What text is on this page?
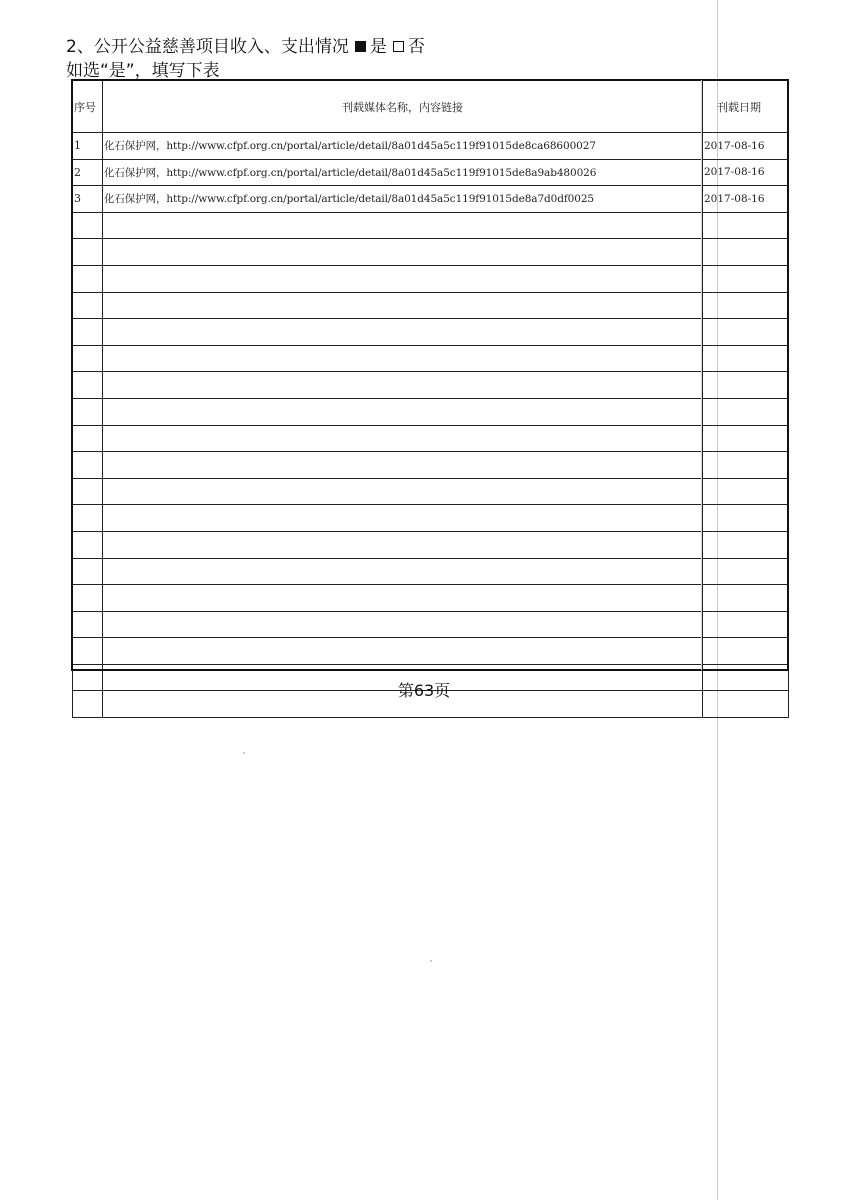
2、公开公益慈善项目收入、支出情况 是 否
如选“是”，填写下表
序号	刊载媒体名称，内容链接	刊载日期
1	化石保护网，http://www.cfpf.org.cn/portal/article/detail/8a01d45a5c119f91015de8ca68600027	2017-08-16
2	化石保护网，http://www.cfpf.org.cn/portal/article/detail/8a01d45a5c119f91015de8a9ab480026	2017-08-16
3	化石保护网，http://www.cfpf.org.cn/portal/article/detail/8a01d45a5c119f91015de8a7d0df0025	2017-08-16

第63页
